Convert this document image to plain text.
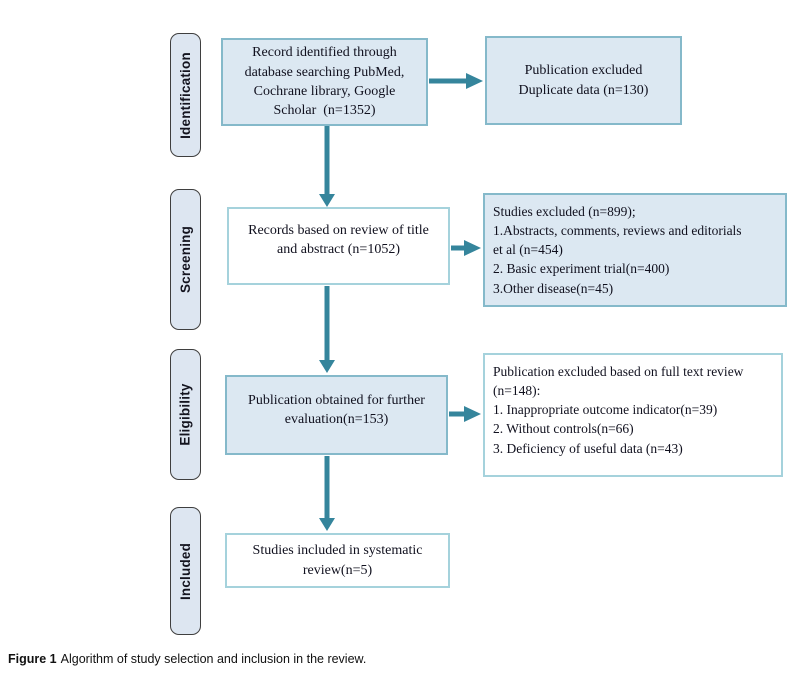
Identification
Screening
Eligibility
Included
Record identified through
database searching PubMed,
Cochrane library, Google
Scholar  (n=1352)
Records based on review of title
and abstract (n=1052)
Publication obtained for further
evaluation(n=153)
Studies included in systematic
review(n=5)
Publication excluded
Duplicate data (n=130)
Studies excluded (n=899);
1.Abstracts, comments, reviews and editorials
et al (n=454)
2. Basic experiment trial(n=400)
3.Other disease(n=45)
Publication excluded based on full text review
(n=148):
1. Inappropriate outcome indicator(n=39)
2. Without controls(n=66)
3. Deficiency of useful data (n=43)
Figure 1 Algorithm of study selection and inclusion in the review.
